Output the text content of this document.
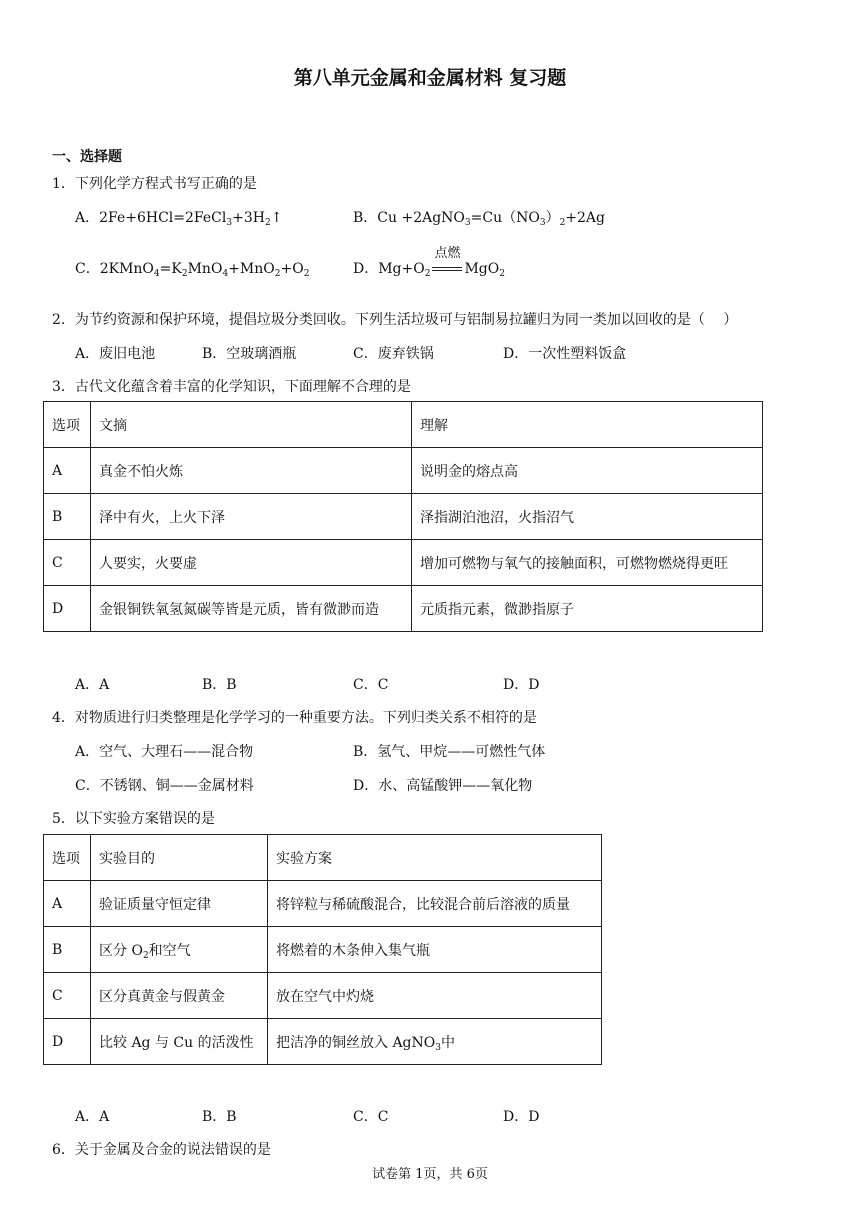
第八单元金属和金属材料 复习题
一、选择题
1．下列化学方程式书写正确的是
A．$2Fe+6HCl=2FeCl_3+3H_2↑$	B．$Cu +2AgNO_3=Cu(NO_3)_2+2Ag$
C．$2KMnO_4=K_2MnO_4+MnO_2+O_2$	D．$Mg+O_2$
点燃
MgO$_2$
2．为节约资源和保护环境，提倡垃圾分类回收。下列生活垃圾可与铝制易拉罐归为同一类加以回收的是（　 ）
A．废旧电池	B．空玻璃酒瓶	C．废弃铁锅	D．一次性塑料饭盒
3．古代文化蕴含着丰富的化学知识，下面理解不合理的是
选项	文摘	理解
A	真金不怕火炼	说明金的熔点高
B	泽中有火，上火下泽	泽指湖泊池沼，火指沼气
C	人要实，火要虚	增加可燃物与氧气的接触面积，可燃物燃烧得更旺
D	金银铜铁氧氢氮碳等皆是元质，皆有微渺而造	元质指元素，微渺指原子
A．A	B．B	C．C	D．D
4．对物质进行归类整理是化学学习的一种重要方法。下列归类关系不相符的是
A．空气、大理石——混合物	B．氢气、甲烷——可燃性气体
C．不锈钢、铜——金属材料	D．水、高锰酸钾——氧化物
5．以下实验方案错误的是
选项	实验目的	实验方案
A	验证质量守恒定律	将锌粒与稀硫酸混合，比较混合前后溶液的质量
B	区分 $O_2$和空气	将燃着的木条伸入集气瓶
C	区分真黄金与假黄金	放在空气中灼烧
D	比较 Ag 与 Cu 的活泼性	把洁净的铜丝放入 AgNO$_3$中
A．A	B．B	C．C	D．D
6．关于金属及合金的说法错误的是
试卷第 1页，共 6页
